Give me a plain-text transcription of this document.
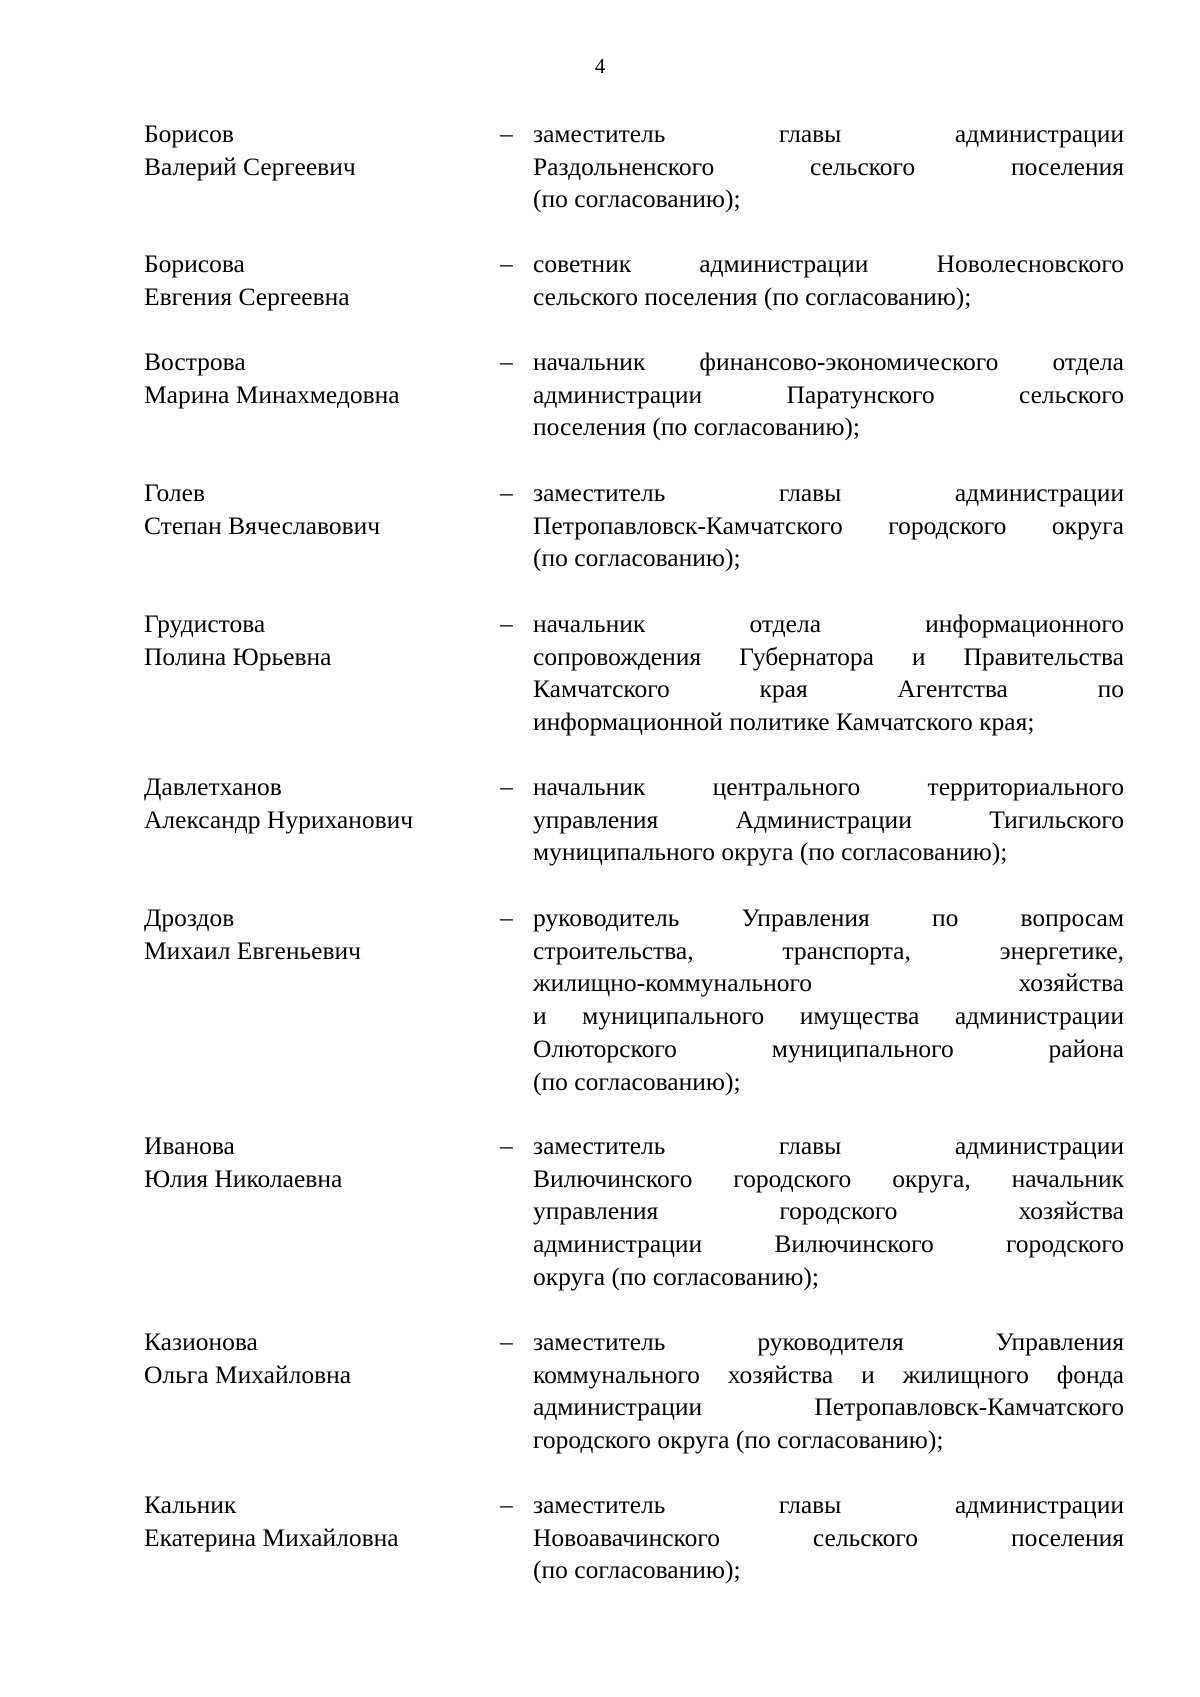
4
Борисов
Валерий Сергеевич
– заместитель главы администрации
Раздольненского сельского поселения
(по согласованию);
Борисова
Евгения Сергеевна
– советник администрации Новолесновского
сельского поселения (по согласованию);
Вострова
Марина Минахмедовна
– начальник финансово-экономического отдела
администрации Паратунского сельского
поселения (по согласованию);
Голев
Степан Вячеславович
– заместитель главы администрации
Петропавловск-Камчатского городского округа
(по согласованию);
Грудистова
Полина Юрьевна
– начальник отдела информационного
сопровождения Губернатора и Правительства
Камчатского края Агентства по
информационной политике Камчатского края;
Давлетханов
Александр Нуриханович
– начальник центрального территориального
управления Администрации Тигильского
муниципального округа (по согласованию);
Дроздов
Михаил Евгеньевич
– руководитель Управления по вопросам
строительства, транспорта, энергетике,
жилищно-коммунального хозяйства
и муниципального имущества администрации
Олюторского муниципального района
(по согласованию);
Иванова
Юлия Николаевна
– заместитель главы администрации
Вилючинского городского округа, начальник
управления городского хозяйства
администрации Вилючинского городского
округа (по согласованию);
Казионова
Ольга Михайловна
– заместитель руководителя Управления
коммунального хозяйства и жилищного фонда
администрации Петропавловск-Камчатского
городского округа (по согласованию);
Кальник
Екатерина Михайловна
– заместитель главы администрации
Новоавачинского сельского поселения
(по согласованию);
